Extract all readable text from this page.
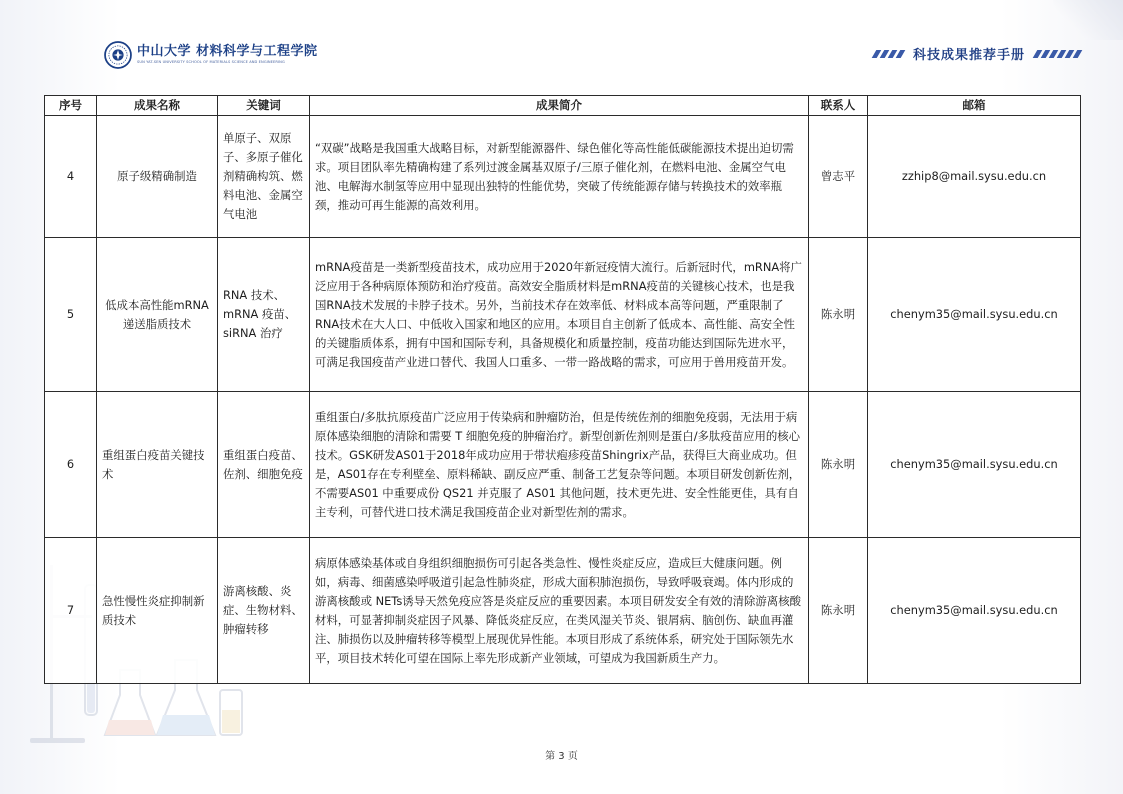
中山大学 材料科学与工程学院
SUN YAT-SEN UNIVERSITY SCHOOL OF MATERIALS SCIENCE AND ENGINEERING	科技成果推荐手册
序号	成果名称	关键词	成果简介	联系人	邮箱
4	原子级精确制造	单原子、双原子、多原子催化剂精确构筑、燃料电池、金属空气电池	“双碳”战略是我国重大战略目标，对新型能源器件、绿色催化等高性能低碳能源技术提出迫切需求。项目团队率先精确构建了系列过渡金属基双原子/三原子催化剂，在燃料电池、金属空气电池、电解海水制氢等应用中显现出独特的性能优势，突破了传统能源存储与转换技术的效率瓶颈，推动可再生能源的高效利用。	曾志平	zzhip8@mail.sysu.edu.cn
5	低成本高性能mRNA 递送脂质技术	RNA 技术、mRNA 疫苗、siRNA 治疗	mRNA疫苗是一类新型疫苗技术，成功应用于2020年新冠疫情大流行。后新冠时代，mRNA将广泛应用于各种病原体预防和治疗疫苗。高效安全脂质材料是mRNA疫苗的关键核心技术，也是我国RNA技术发展的卡脖子技术。另外，当前技术存在效率低、材料成本高等问题，严重限制了RNA技术在大人口、中低收入国家和地区的应用。本项目自主创新了低成本、高性能、高安全性的关键脂质体系，拥有中国和国际专利，具备规模化和质量控制，疫苗功能达到国际先进水平，可满足我国疫苗产业进口替代、我国人口重多、一带一路战略的需求，可应用于兽用疫苗开发。	陈永明	chenym35@mail.sysu.edu.cn
6	重组蛋白疫苗关键技术	重组蛋白疫苗、佐剂、细胞免疫	重组蛋白/多肽抗原疫苗广泛应用于传染病和肿瘤防治，但是传统佐剂的细胞免疫弱，无法用于病原体感染细胞的清除和需要 T 细胞免疫的肿瘤治疗。新型创新佐剂则是蛋白/多肽疫苗应用的核心技术。GSK研发AS01于2018年成功应用于带状疱疹疫苗Shingrix产品，获得巨大商业成功。但是，AS01存在专利壁垒、原料稀缺、副反应严重、制备工艺复杂等问题。本项目研发创新佐剂，不需要AS01 中重要成份 QS21 并克服了 AS01 其他问题，技术更先进、安全性能更佳，具有自主专利，可替代进口技术满足我国疫苗企业对新型佐剂的需求。	陈永明	chenym35@mail.sysu.edu.cn
7	急性慢性炎症抑制新质技术	游离核酸、炎症、生物材料、肿瘤转移	病原体感染基体或自身组织细胞损伤可引起各类急性、慢性炎症反应，造成巨大健康问题。例如，病毒、细菌感染呼吸道引起急性肺炎症，形成大面积肺泡损伤，导致呼吸衰竭。体内形成的游离核酸或 NETs诱导天然免疫应答是炎症反应的重要因素。本项目研发安全有效的清除游离核酸材料，可显著抑制炎症因子风暴、降低炎症反应，在类风湿关节炎、银屑病、脑创伤、缺血再灌注、肺损伤以及肿瘤转移等模型上展现优异性能。本项目形成了系统体系，研究处于国际领先水平，项目技术转化可望在国际上率先形成新产业领域，可望成为我国新质生产力。	陈永明	chenym35@mail.sysu.edu.cn
第 3 页
